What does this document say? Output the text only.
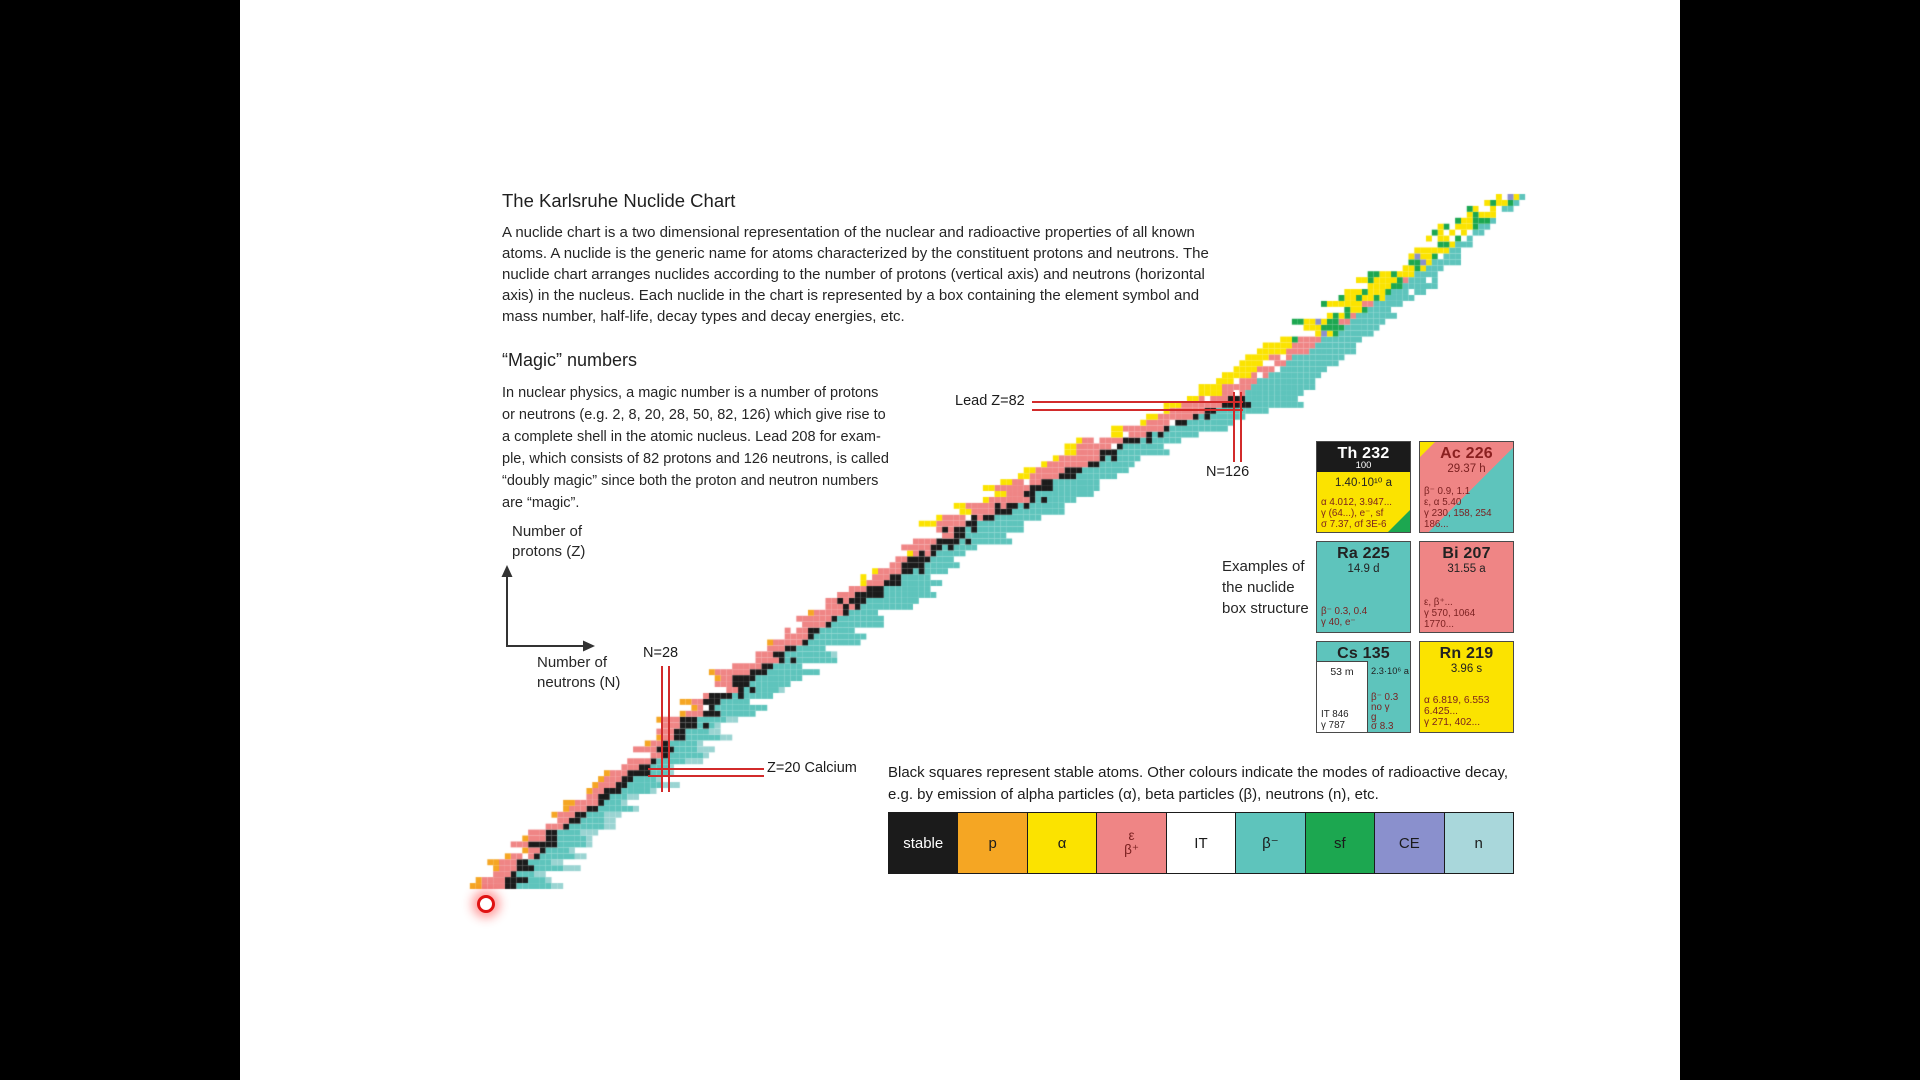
Number of
protons (Z)
Number of
neutrons (N)
Lead Z=82
N=126
N=28
Z=20 Calcium
Examples of
the nuclide
box structure
Th 232
100
1.40·10¹⁰ a
α 4.012, 3.947...
γ (64...), e⁻, sf
σ 7.37, σf 3E-6
Ac 226
29.37 h
β⁻ 0.9, 1.1
ε, α 5.40
γ 230, 158, 254
186...
Ra 225
14.9 d
β⁻ 0.3, 0.4
γ 40, e⁻
Bi 207
31.55 a
ε, β⁺...
γ 570, 1064
1770...
Cs 135
53 m
IT 846
γ 787
2.3·10⁶ a
β⁻ 0.3
no γ
g
σ 8.3
Rn 219
3.96 s
α 6.819, 6.553
6.425...
γ 271, 402...
Black squares represent stable atoms. Other colours indicate the modes of radioactive decay,
e.g. by emission of alpha particles (α), beta particles (β), neutrons (n), etc.
stable	p	α	ε
β⁺	IT	β⁻	sf	CE	n
